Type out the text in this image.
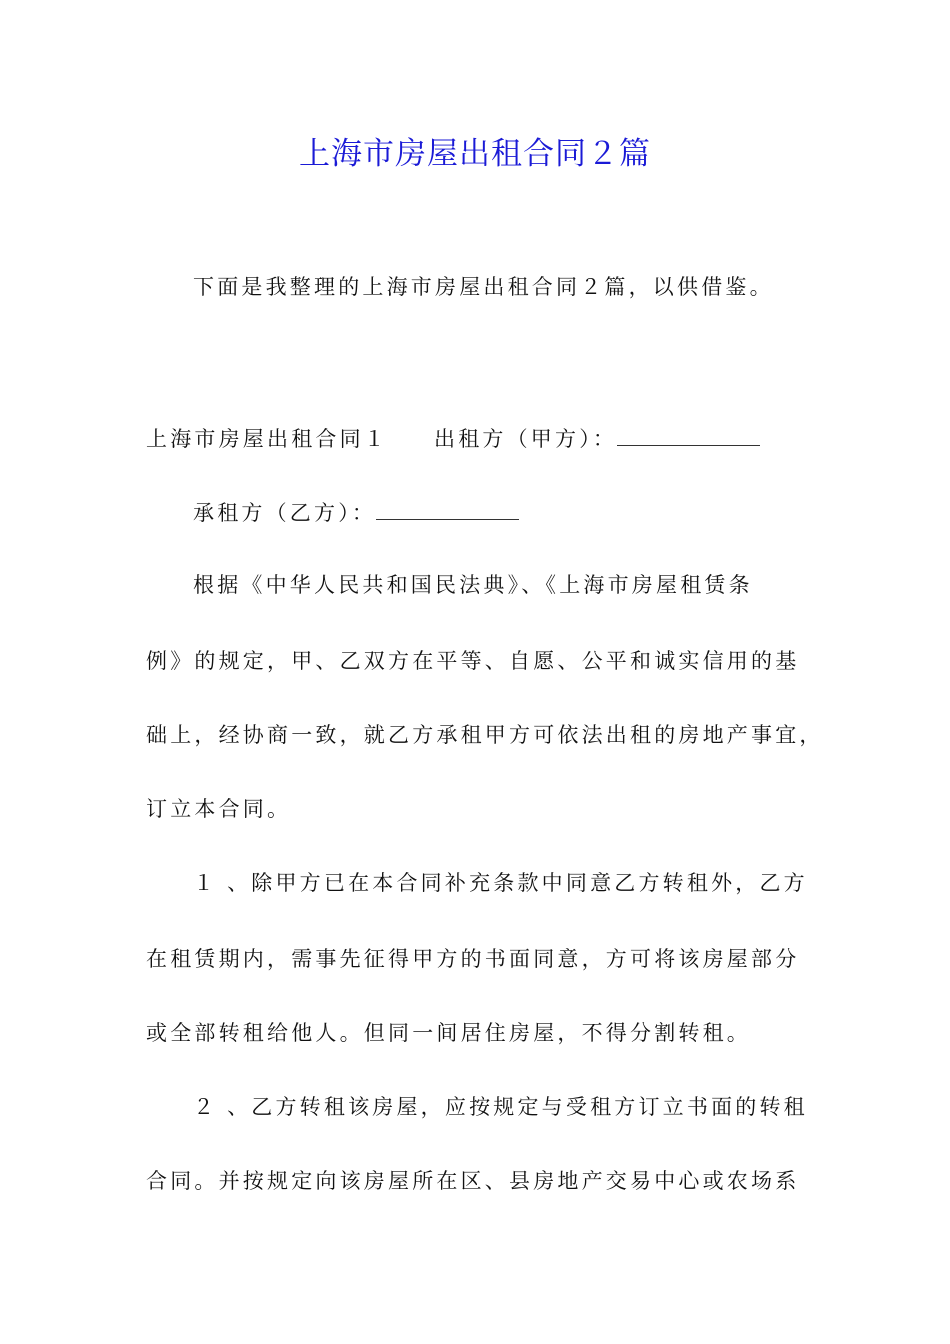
上海市房屋出租合同２篇

下面是我整理的上海市房屋出租合同２篇，以供借鉴。

上海市房屋出租合同１ 出租方（甲方）：

承租方（乙方）：

根据《中华人民共和国民法典》、《上海市房屋租赁条

例》的规定，甲、乙双方在平等、自愿、公平和诚实信用的基

础上，经协商一致，就乙方承租甲方可依法出租的房地产事宜，

订立本合同。

１ 、除甲方已在本合同补充条款中同意乙方转租外，乙方

在租赁期内，需事先征得甲方的书面同意，方可将该房屋部分

或全部转租给他人。但同一间居住房屋，不得分割转租。

２ 、乙方转租该房屋，应按规定与受租方订立书面的转租

合同。并按规定向该房屋所在区、县房地产交易中心或农场系
